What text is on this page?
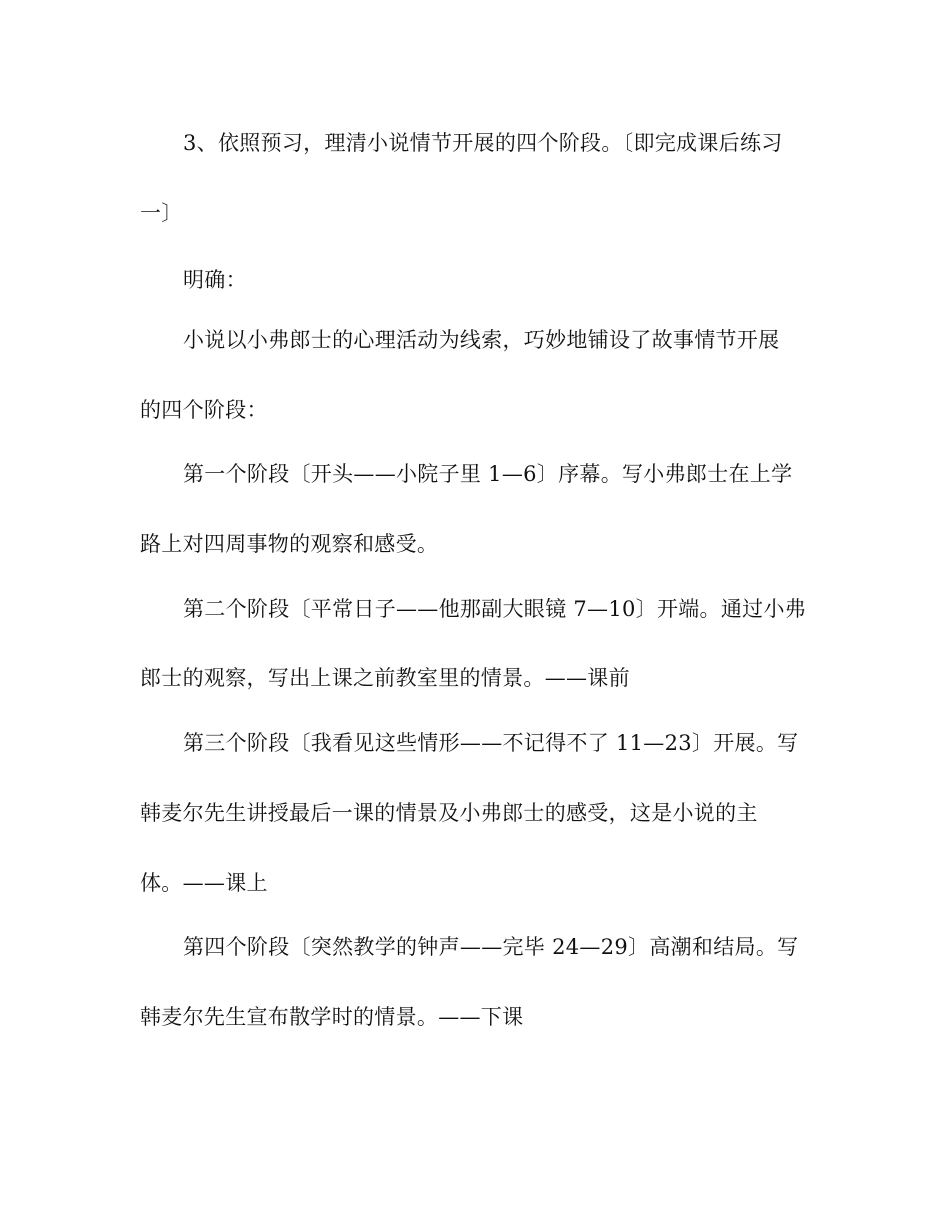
3、依照预习，理清小说情节开展的四个阶段。〔即完成课后练习
一〕
明确：
小说以小弗郎士的心理活动为线索，巧妙地铺设了故事情节开展
的四个阶段：
第一个阶段〔开头——小院子里 1—6〕序幕。写小弗郎士在上学
路上对四周事物的观察和感受。
第二个阶段〔平常日子——他那副大眼镜 7—10〕开端。通过小弗
郎士的观察，写出上课之前教室里的情景。——课前
第三个阶段〔我看见这些情形——不记得不了 11—23〕开展。写
韩麦尔先生讲授最后一课的情景及小弗郎士的感受，这是小说的主
体。——课上
第四个阶段〔突然教学的钟声——完毕 24—29〕高潮和结局。写
韩麦尔先生宣布散学时的情景。——下课
